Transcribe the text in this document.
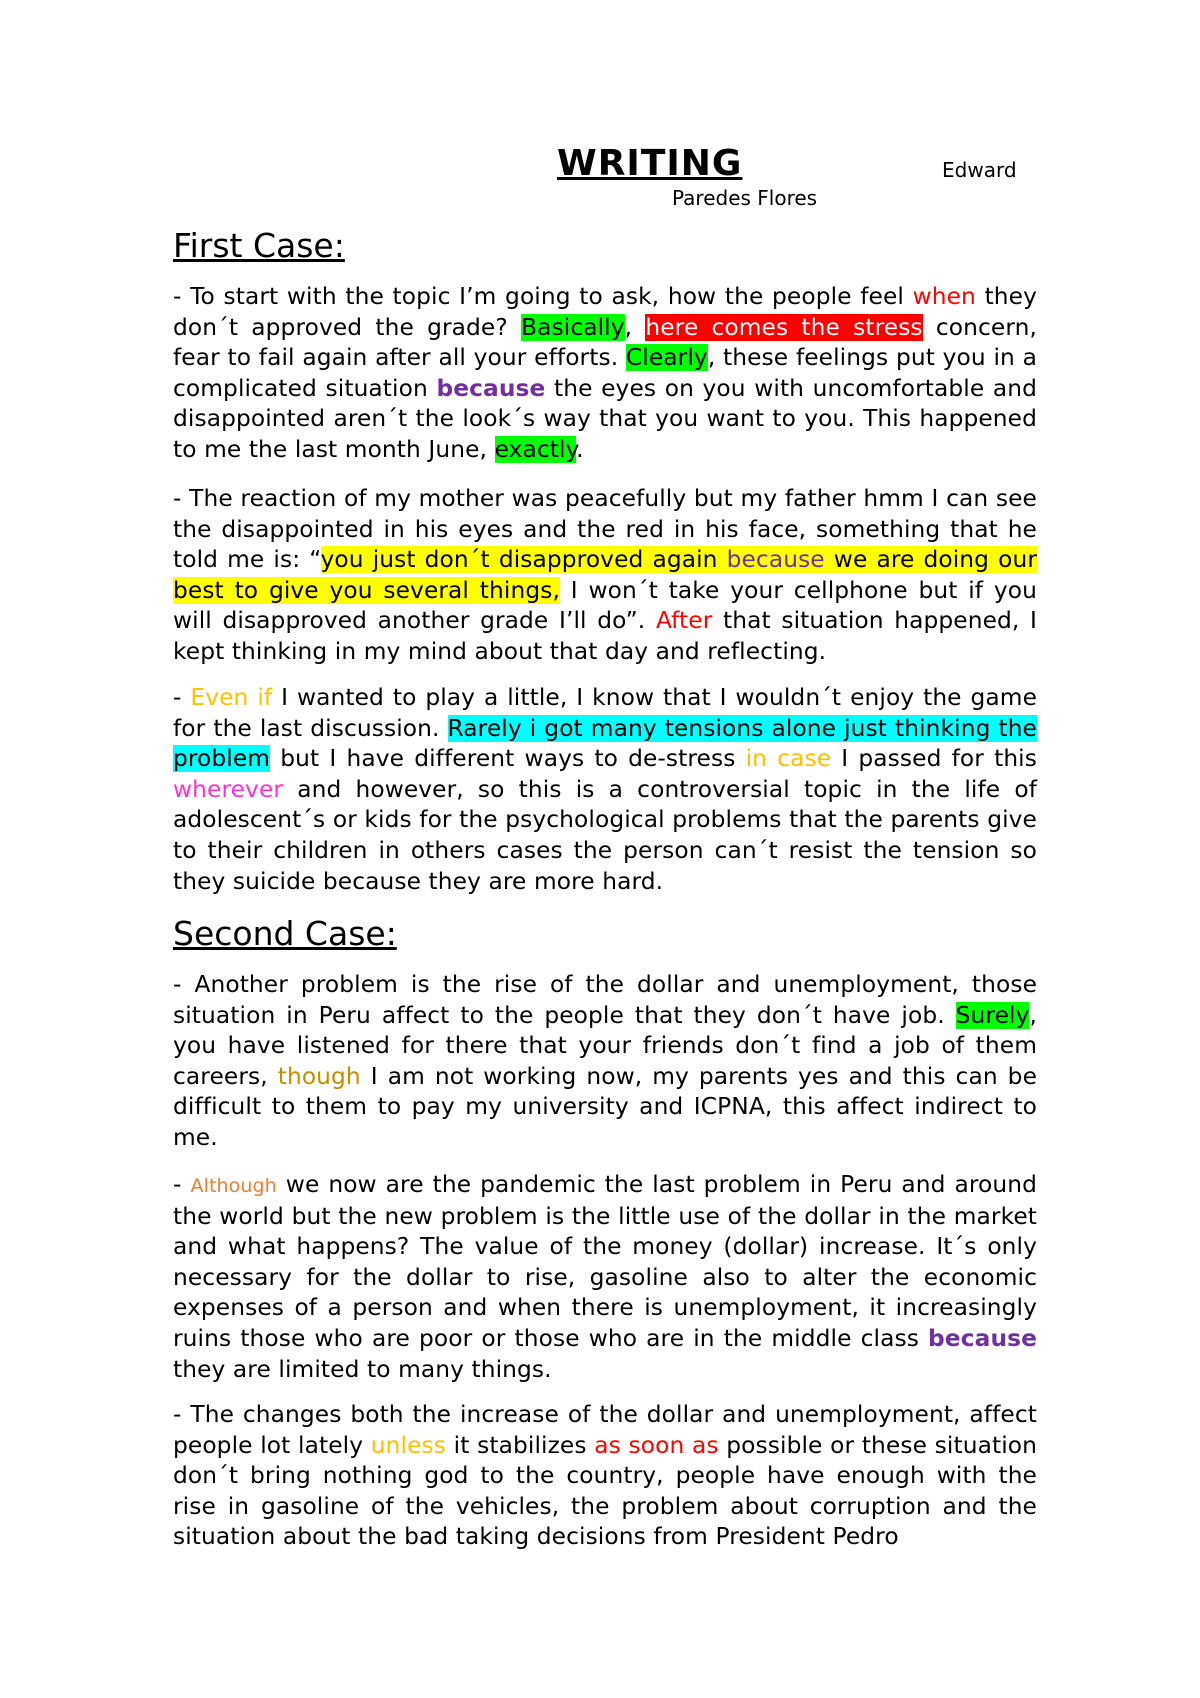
WRITING	Edward
Paredes Flores
First Case:
- To start with the topic I’m going to ask, how the people feel when they don´t approved the grade? Basically, here comes the stress concern, fear to fail again after all your efforts. Clearly, these feelings put you in a complicated situation because the eyes on you with uncomfortable and disappointed aren´t the look´s way that you want to you. This happened to me the last month June, exactly.
- The reaction of my mother was peacefully but my father hmm I can see the disappointed in his eyes and the red in his face, something that he told me is: “you just don´t disapproved again because we are doing our best to give you several things, I won´t take your cellphone but if you will disapproved another grade I’ll do”. After that situation happened, I kept thinking in my mind about that day and reflecting.
- Even if I wanted to play a little, I know that I wouldn´t enjoy the game for the last discussion. Rarely i got many tensions alone just thinking the problem but I have different ways to de-stress in case I passed for this wherever and however, so this is a controversial topic in the life of adolescent´s or kids for the psychological problems that the parents give to their children in others cases the person can´t resist the tension so they suicide because they are more hard.
Second Case:
- Another problem is the rise of the dollar and unemployment, those situation in Peru affect to the people that they don´t have job. Surely, you have listened for there that your friends don´t find a job of them careers, though I am not working now, my parents yes and this can be difficult to them to pay my university and ICPNA, this affect indirect to me.
- Although we now are the pandemic the last problem in Peru and around the world but the new problem is the little use of the dollar in the market and what happens? The value of the money (dollar) increase. It´s only necessary for the dollar to rise, gasoline also to alter the economic expenses of a person and when there is unemployment, it increasingly ruins those who are poor or those who are in the middle class because they are limited to many things.
- The changes both the increase of the dollar and unemployment, affect people lot lately unless it stabilizes as soon as possible or these situation don´t bring nothing god to the country, people have enough with the rise in gasoline of the vehicles, the problem about corruption and the situation about the bad taking decisions from President Pedro
